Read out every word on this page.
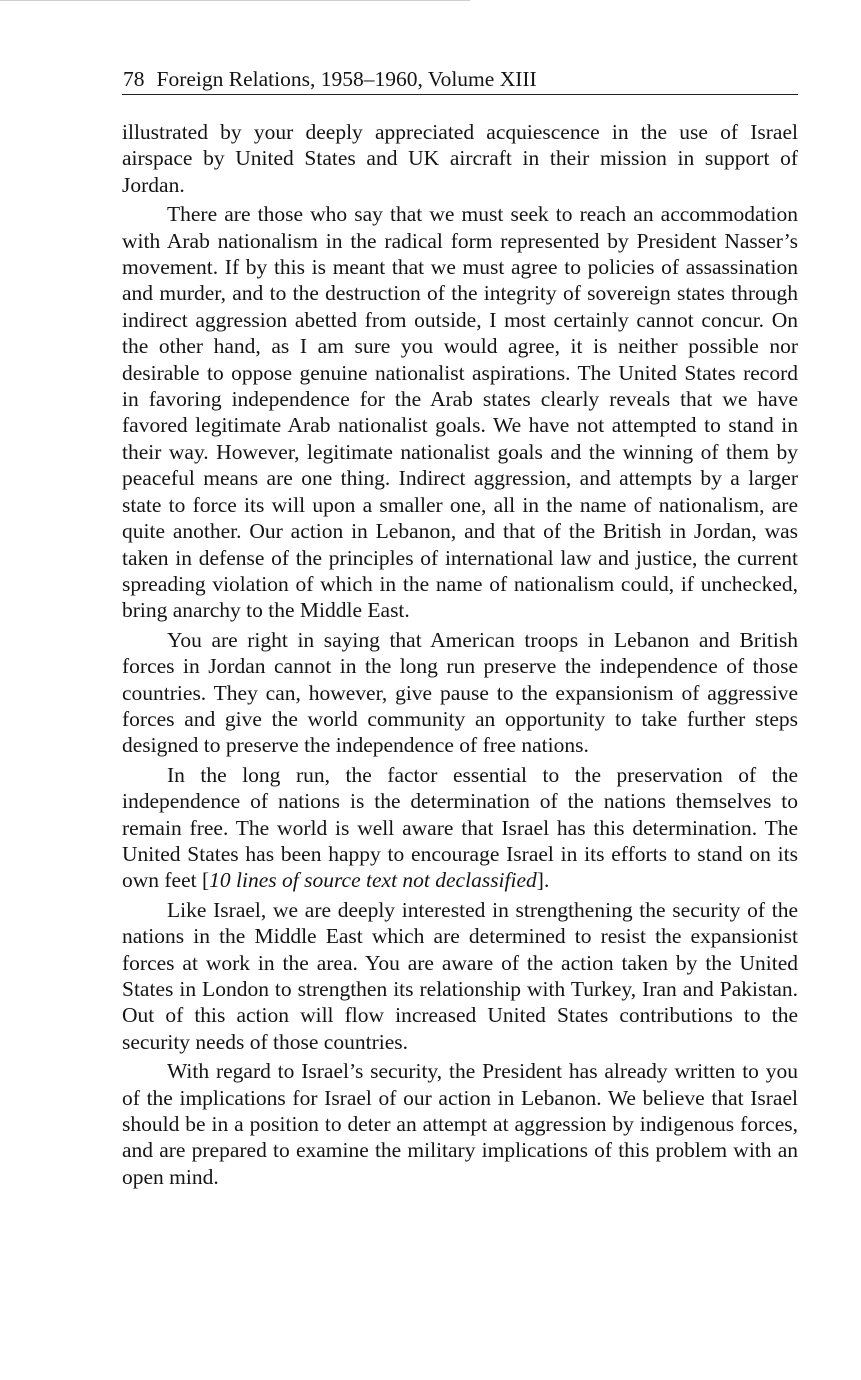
78 Foreign Relations, 1958–1960, Volume XIII

illustrated by your deeply appreciated acquiescence in the use of Israel airspace by United States and UK aircraft in their mission in support of Jordan.

There are those who say that we must seek to reach an accommodation with Arab nationalism in the radical form represented by President Nasser’s movement. If by this is meant that we must agree to policies of assassination and murder, and to the destruction of the integrity of sovereign states through indirect aggression abetted from outside, I most certainly cannot concur. On the other hand, as I am sure you would agree, it is neither possible nor desirable to oppose genuine nationalist aspirations. The United States record in favoring independence for the Arab states clearly reveals that we have favored legitimate Arab nationalist goals. We have not attempted to stand in their way. However, legitimate nationalist goals and the winning of them by peaceful means are one thing. Indirect aggression, and attempts by a larger state to force its will upon a smaller one, all in the name of nationalism, are quite another. Our action in Lebanon, and that of the British in Jordan, was taken in defense of the principles of international law and justice, the current spreading violation of which in the name of nationalism could, if unchecked, bring anarchy to the Middle East.

You are right in saying that American troops in Lebanon and British forces in Jordan cannot in the long run preserve the independence of those countries. They can, however, give pause to the expansionism of aggressive forces and give the world community an opportunity to take further steps designed to preserve the independence of free nations.

In the long run, the factor essential to the preservation of the independence of nations is the determination of the nations themselves to remain free. The world is well aware that Israel has this determination. The United States has been happy to encourage Israel in its efforts to stand on its own feet [10 lines of source text not declassified].

Like Israel, we are deeply interested in strengthening the security of the nations in the Middle East which are determined to resist the expansionist forces at work in the area. You are aware of the action taken by the United States in London to strengthen its relationship with Turkey, Iran and Pakistan. Out of this action will flow increased United States contributions to the security needs of those countries.

With regard to Israel’s security, the President has already written to you of the implications for Israel of our action in Lebanon. We believe that Israel should be in a position to deter an attempt at aggression by indigenous forces, and are prepared to examine the military implications of this problem with an open mind.
